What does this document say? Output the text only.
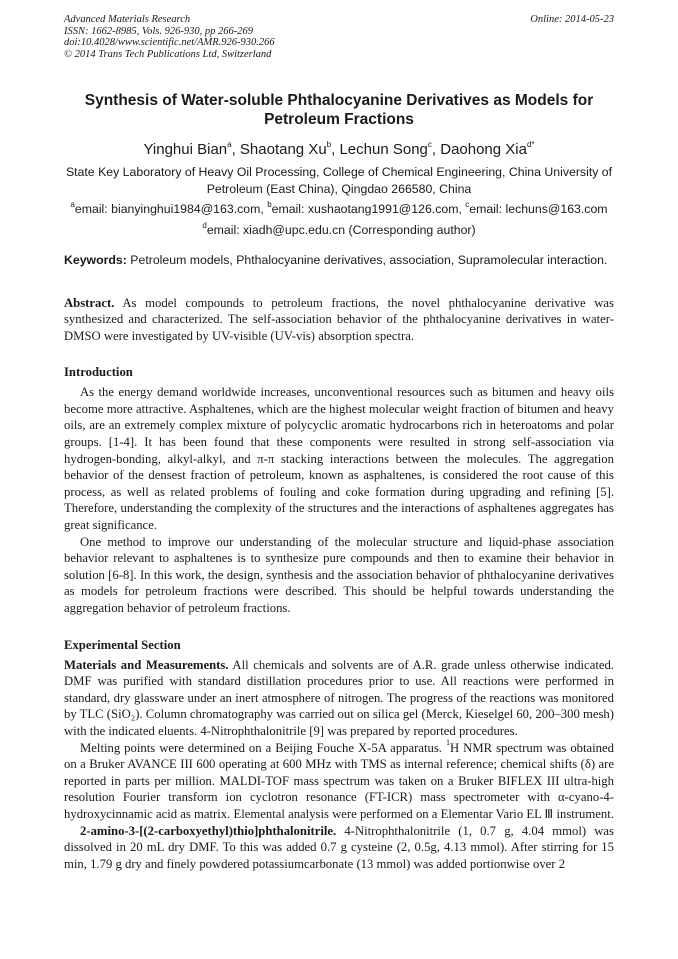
Advanced Materials Research
ISSN: 1662-8985, Vols. 926-930, pp 266-269
doi:10.4028/www.scientific.net/AMR.926-930.266
© 2014 Trans Tech Publications Ltd, Switzerland
Online: 2014-05-23
Synthesis of Water-soluble Phthalocyanine Derivatives as Models for Petroleum Fractions
Yinghui Bian$^a$, Shaotang Xu$^b$, Lechun Song$^c$, Daohong Xia$^{d*}$
State Key Laboratory of Heavy Oil Processing, College of Chemical Engineering, China University of Petroleum (East China), Qingdao 266580, China
$^a$email: bianyinghui1984@163.com, $^b$email: xushaotang1991@126.com, $^c$email: lechuns@163.com
$^d$email: xiadh@upc.edu.cn (Corresponding author)
Keywords: Petroleum models, Phthalocyanine derivatives, association, Supramolecular interaction.
Abstract. As model compounds to petroleum fractions, the novel phthalocyanine derivative was synthesized and characterized. The self-association behavior of the phthalocyanine derivatives in water-DMSO were investigated by UV-visible (UV-vis) absorption spectra.
Introduction

As the energy demand worldwide increases, unconventional resources such as bitumen and heavy oils become more attractive. Asphaltenes, which are the highest molecular weight fraction of bitumen and heavy oils, are an extremely complex mixture of polycyclic aromatic hydrocarbons rich in heteroatoms and polar groups. [1-4]. It has been found that these components were resulted in strong self-association via hydrogen-bonding, alkyl-alkyl, and π-π stacking interactions between the molecules. The aggregation behavior of the densest fraction of petroleum, known as asphaltenes, is considered the root cause of this process, as well as related problems of fouling and coke formation during upgrading and refining [5]. Therefore, understanding the complexity of the structures and the interactions of asphaltenes aggregates has great significance.

One method to improve our understanding of the molecular structure and liquid-phase association behavior relevant to asphaltenes is to synthesize pure compounds and then to examine their behavior in solution [6-8]. In this work, the design, synthesis and the association behavior of phthalocyanine derivatives as models for petroleum fractions were described. This should be helpful towards understanding the aggregation behavior of petroleum fractions.

Experimental Section

Materials and Measurements. All chemicals and solvents are of A.R. grade unless otherwise indicated. DMF was purified with standard distillation procedures prior to use. All reactions were performed in standard, dry glassware under an inert atmosphere of nitrogen. The progress of the reactions was monitored by TLC (SiO₂). Column chromatography was carried out on silica gel (Merck, Kieselgel 60, 200–300 mesh) with the indicated eluents. 4-Nitrophthalonitrile [9] was prepared by reported procedures.

Melting points were determined on a Beijing Fouche X-5A apparatus. $^1$H NMR spectrum was obtained on a Bruker AVANCE III 600 operating at 600 MHz with TMS as internal reference; chemical shifts (δ) are reported in parts per million. MALDI-TOF mass spectrum was taken on a Bruker BIFLEX III ultra-high resolution Fourier transform ion cyclotron resonance (FT-ICR) mass spectrometer with α-cyano-4-hydroxycinnamic acid as matrix. Elemental analysis were performed on a Elementar Vario EL Ⅲ instrument.

2-amino-3-[(2-carboxyethyl)thio]phthalonitrile. 4-Nitrophthalonitrile (1, 0.7 g, 4.04 mmol) was dissolved in 20 mL dry DMF. To this was added 0.7 g cysteine (2, 0.5g, 4.13 mmol). After stirring for 15 min, 1.79 g dry and finely powdered potassiumcarbonate (13 mmol) was added portionwise over 2
